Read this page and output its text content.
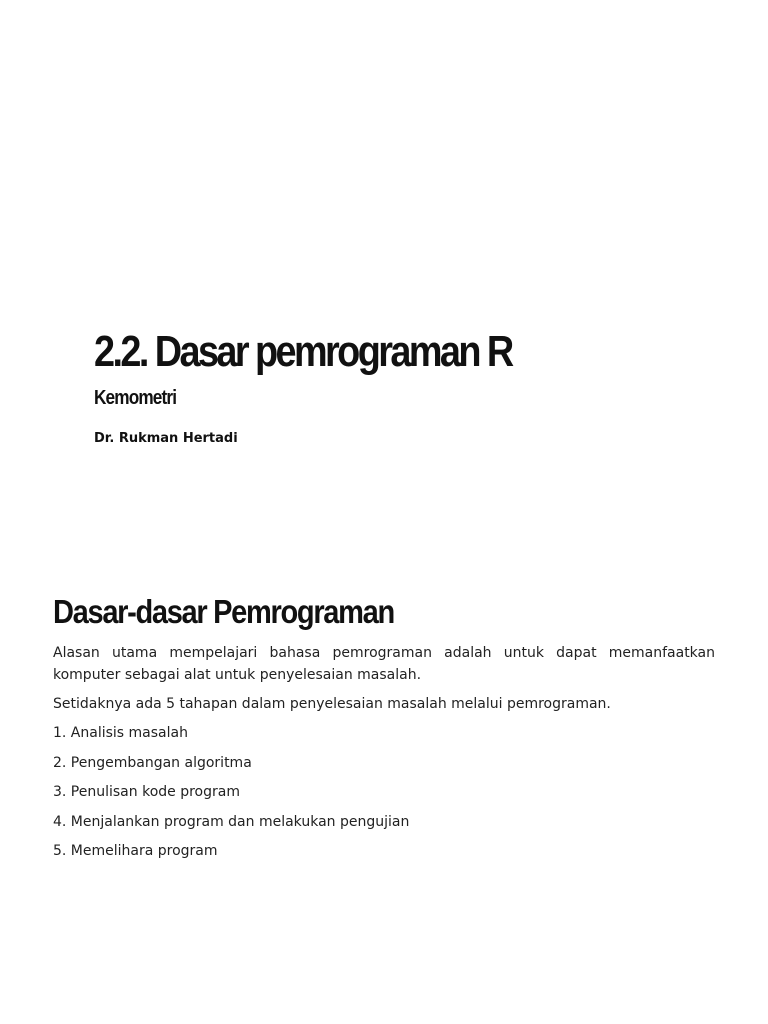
2.2. Dasar pemrograman R
Kemometri
Dr. Rukman Hertadi
Dasar-dasar Pemrograman

Alasan utama mempelajari bahasa pemrograman adalah untuk dapat memanfaatkan komputer sebagai alat untuk penyelesaian masalah.

Setidaknya ada 5 tahapan dalam penyelesaian masalah melalui pemrograman.

1. Analisis masalah
2. Pengembangan algoritma
3. Penulisan kode program
4. Menjalankan program dan melakukan pengujian
5. Memelihara program
